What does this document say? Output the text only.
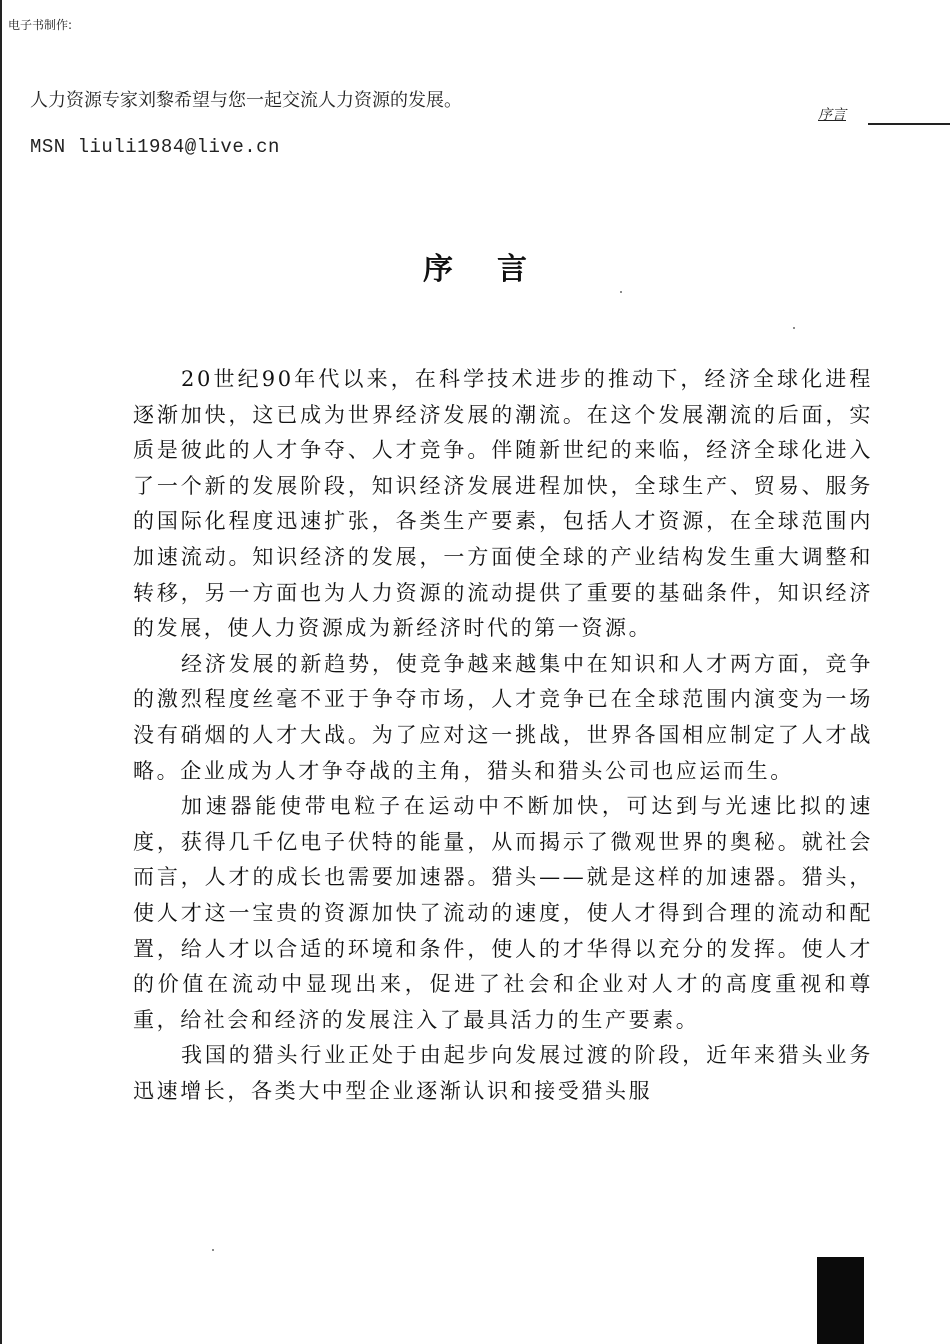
电子书制作:
人力资源专家刘黎希望与您一起交流人力资源的发展。
MSN liuli1984@live.cn
序言
序言

20世纪90年代以来，在科学技术进步的推动下，经济全球化进程逐渐加快，这已成为世界经济发展的潮流。在这个发展潮流的后面，实质是彼此的人才争夺、人才竞争。伴随新世纪的来临，经济全球化进入了一个新的发展阶段，知识经济发展进程加快，全球生产、贸易、服务的国际化程度迅速扩张，各类生产要素，包括人才资源，在全球范围内加速流动。知识经济的发展，一方面使全球的产业结构发生重大调整和转移，另一方面也为人力资源的流动提供了重要的基础条件，知识经济的发展，使人力资源成为新经济时代的第一资源。

经济发展的新趋势，使竞争越来越集中在知识和人才两方面，竞争的激烈程度丝毫不亚于争夺市场，人才竞争已在全球范围内演变为一场没有硝烟的人才大战。为了应对这一挑战，世界各国相应制定了人才战略。企业成为人才争夺战的主角，猎头和猎头公司也应运而生。

加速器能使带电粒子在运动中不断加快，可达到与光速比拟的速度，获得几千亿电子伏特的能量，从而揭示了微观世界的奥秘。就社会而言，人才的成长也需要加速器。猎头——就是这样的加速器。猎头，使人才这一宝贵的资源加快了流动的速度，使人才得到合理的流动和配置，给人才以合适的环境和条件，使人的才华得以充分的发挥。使人才的价值在流动中显现出来，促进了社会和企业对人才的高度重视和尊重，给社会和经济的发展注入了最具活力的生产要素。

我国的猎头行业正处于由起步向发展过渡的阶段，近年来猎头业务迅速增长，各类大中型企业逐渐认识和接受猎头服
